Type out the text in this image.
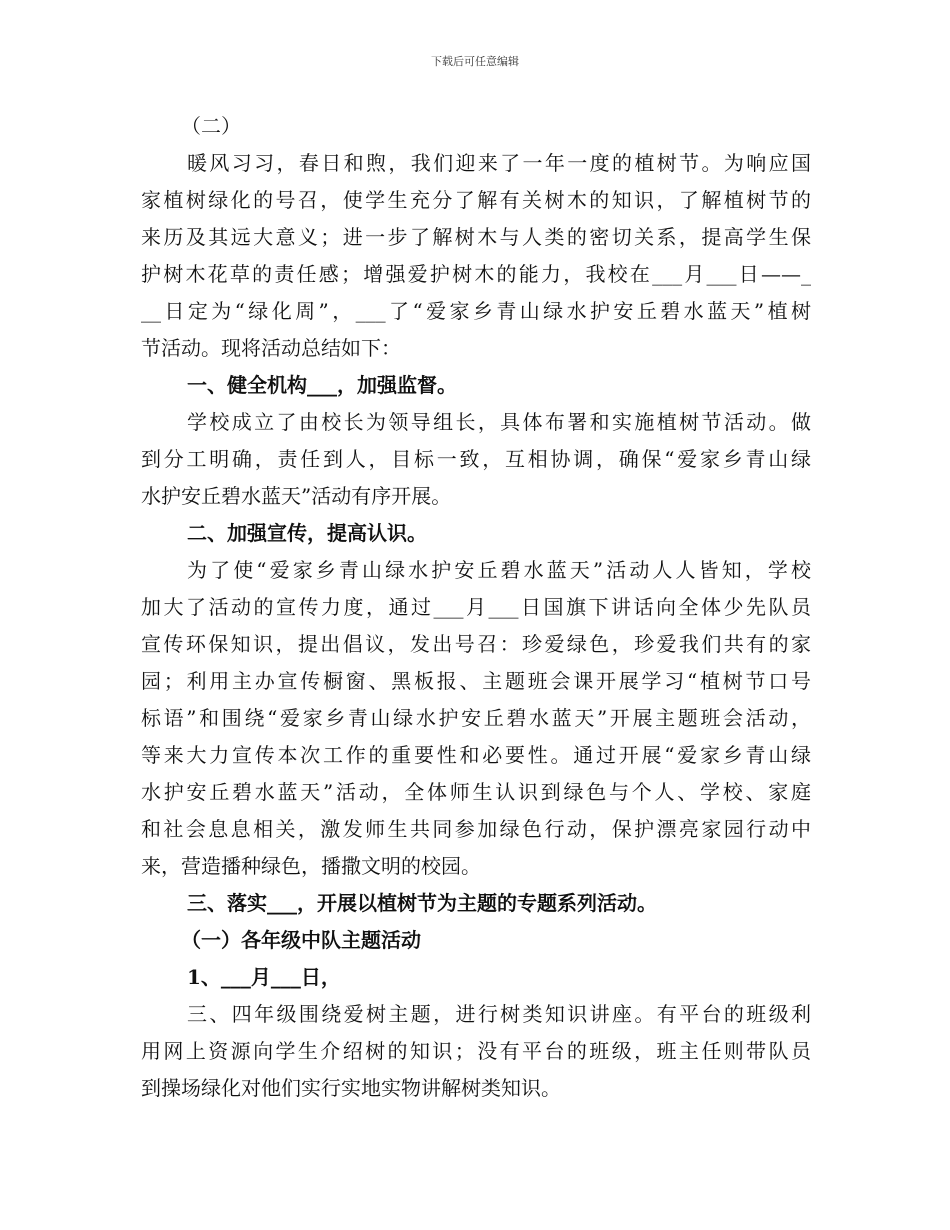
下载后可任意编辑
（二）
暖风习习，春日和煦，我们迎来了一年一度的植树节。为响应国
家植树绿化的号召，使学生充分了解有关树木的知识，了解植树节的
来历及其远大意义；进一步了解树木与人类的密切关系，提高学生保
护树木花草的责任感；增强爱护树木的能力，我校在___月___日——_
__日定为“绿化周”，___了“爱家乡青山绿水护安丘碧水蓝天”植树
节活动。现将活动总结如下：
一、健全机构___，加强监督。
学校成立了由校长为领导组长，具体布署和实施植树节活动。做
到分工明确，责任到人，目标一致，互相协调，确保“爱家乡青山绿
水护安丘碧水蓝天”活动有序开展。
二、加强宣传，提高认识。
为了使“爱家乡青山绿水护安丘碧水蓝天”活动人人皆知，学校
加大了活动的宣传力度，通过___月___日国旗下讲话向全体少先队员
宣传环保知识，提出倡议，发出号召：珍爱绿色，珍爱我们共有的家
园；利用主办宣传橱窗、黑板报、主题班会课开展学习“植树节口号
标语”和围绕“爱家乡青山绿水护安丘碧水蓝天”开展主题班会活动，
等来大力宣传本次工作的重要性和必要性。通过开展“爱家乡青山绿
水护安丘碧水蓝天”活动，全体师生认识到绿色与个人、学校、家庭
和社会息息相关，激发师生共同参加绿色行动，保护漂亮家园行动中
来，营造播种绿色，播撒文明的校园。
三、落实___，开展以植树节为主题的专题系列活动。
（一）各年级中队主题活动
1、___月___日，
三、四年级围绕爱树主题，进行树类知识讲座。有平台的班级利
用网上资源向学生介绍树的知识；没有平台的班级，班主任则带队员
到操场绿化对他们实行实地实物讲解树类知识。
